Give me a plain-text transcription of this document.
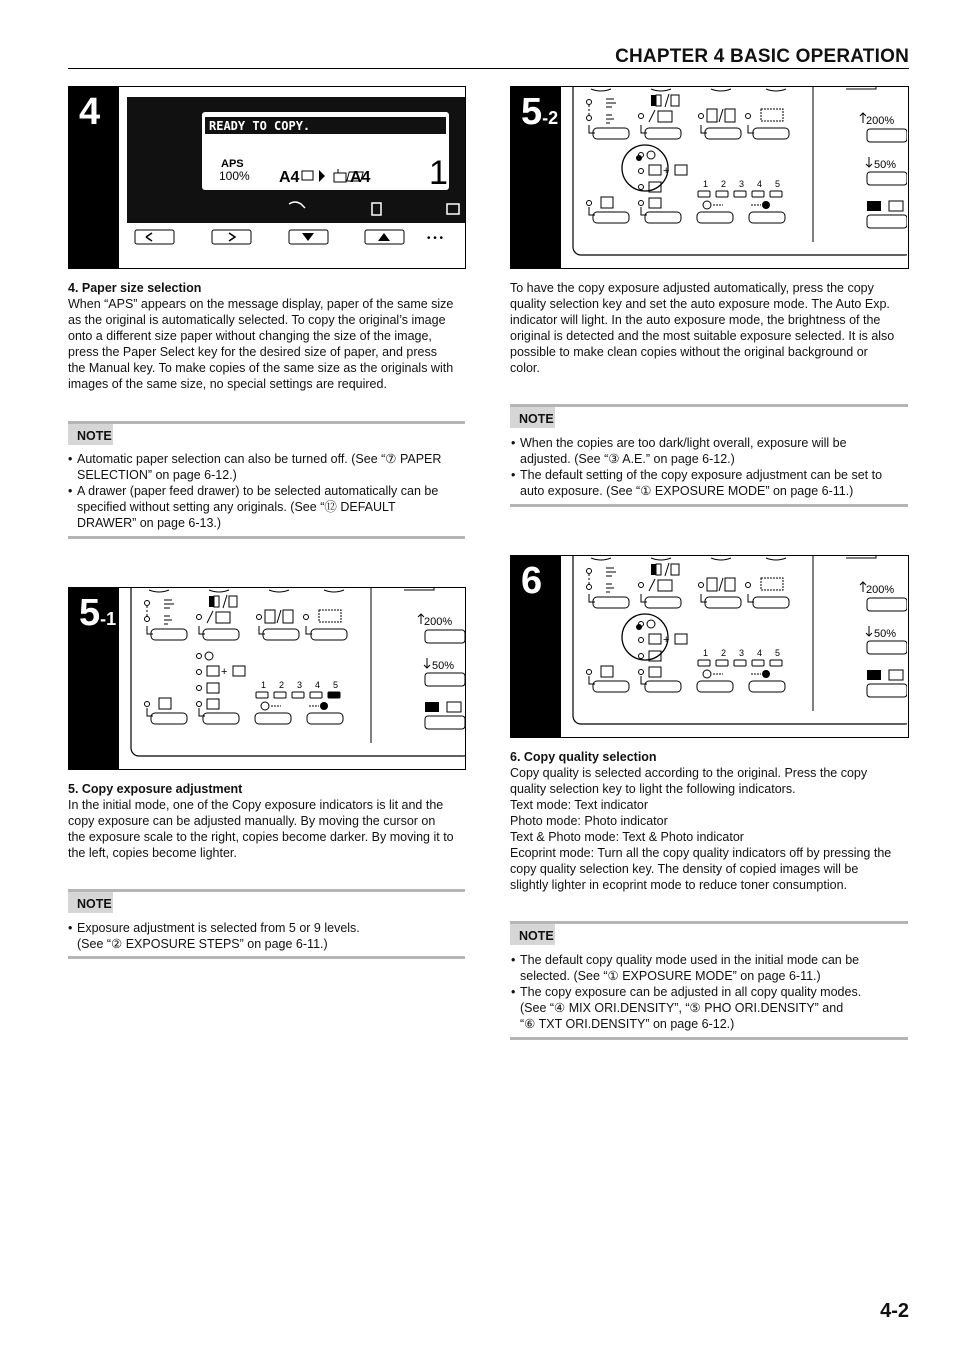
CHAPTER 4 BASIC OPERATION
4	READY TO COPY.
APS
100% A4	A4 1
• • •
4. Paper size selection
When “APS” appears on the message display, paper of the same size
as the original is automatically selected. To copy the original’s image
onto a different size paper without changing the size of the image,
press the Paper Select key for the desired size of paper, and press
the Manual key. To make copies of the same size as the originals with
images of the same size, no special settings are required.
NOTE
• Automatic paper selection can also be turned off. (See “⑦ PAPER
SELECTION” on page 6-12.)
• A drawer (paper feed drawer) to be selected automatically can be
specified without setting any originals. (See “⑫ DEFAULT
DRAWER” on page 6-13.)
5-1
+
1 2 3 4 5
200%
50%
5. Copy exposure adjustment
In the initial mode, one of the Copy exposure indicators is lit and the
copy exposure can be adjusted manually. By moving the cursor on
the exposure scale to the right, copies become darker. By moving it to
the left, copies become lighter.
NOTE
• Exposure adjustment is selected from 5 or 9 levels.
(See “② EXPOSURE STEPS” on page 6-11.)
5-2
+
1 2 3 4 5
200%
50%
To have the copy exposure adjusted automatically, press the copy
quality selection key and set the auto exposure mode. The Auto Exp.
indicator will light. In the auto exposure mode, the brightness of the
original is detected and the most suitable exposure selected. It is also
possible to make clean copies without the original background or
color.
NOTE
• When the copies are too dark/light overall, exposure will be
adjusted. (See “③ A.E.” on page 6-12.)
• The default setting of the copy exposure adjustment can be set to
auto exposure. (See “① EXPOSURE MODE” on page 6-11.)
6
+
1 2 3 4 5
200%
50%
6. Copy quality selection
Copy quality is selected according to the original. Press the copy
quality selection key to light the following indicators.
Text mode: Text indicator
Photo mode: Photo indicator
Text & Photo mode: Text & Photo indicator
Ecoprint mode: Turn all the copy quality indicators off by pressing the
copy quality selection key. The density of copied images will be
slightly lighter in ecoprint mode to reduce toner consumption.
NOTE
• The default copy quality mode used in the initial mode can be
selected. (See “① EXPOSURE MODE” on page 6-11.)
• The copy exposure can be adjusted in all copy quality modes.
(See “④ MIX ORI.DENSITY”, “⑤ PHO ORI.DENSITY” and
“⑥ TXT ORI.DENSITY” on page 6-12.)
4-2
